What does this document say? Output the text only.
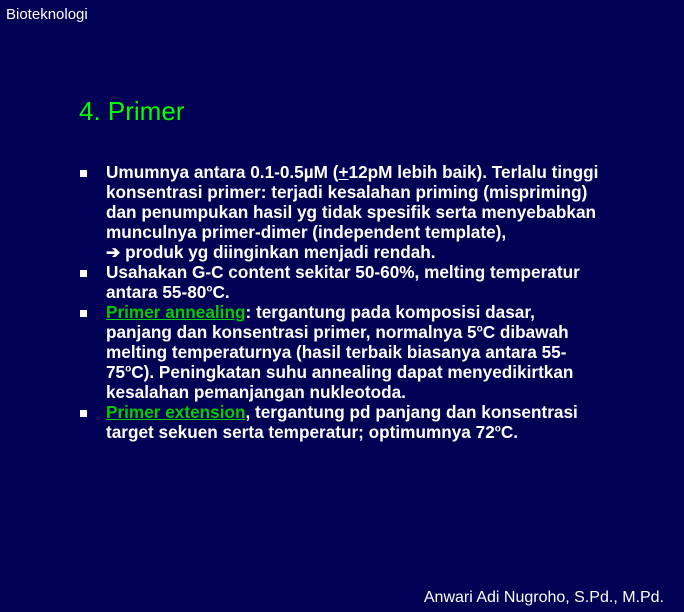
Bioteknologi
4. Primer
Umumnya antara 0.1-0.5µM (+12pM lebih baik). Terlalu tinggi konsentrasi primer: terjadi kesalahan priming (mispriming) dan penumpukan hasil yg tidak spesifik serta menyebabkan munculnya primer-dimer (independent template),
➔ produk yg diinginkan menjadi rendah.
Usahakan G-C content sekitar 50-60%, melting temperatur antara 55-80$^o$C.
Primer annealing: tergantung pada komposisi dasar, panjang dan konsentrasi primer, normalnya 5$^o$C dibawah melting temperaturnya (hasil terbaik biasanya antara 55-75$^o$C). Peningkatan suhu annealing dapat menyedikirtkan kesalahan pemanjangan nukleotoda.
Primer extension, tergantung pd panjang dan konsentrasi target sekuen serta temperatur; optimumnya 72$^o$C.
Anwari Adi Nugroho, S.Pd., M.Pd.
